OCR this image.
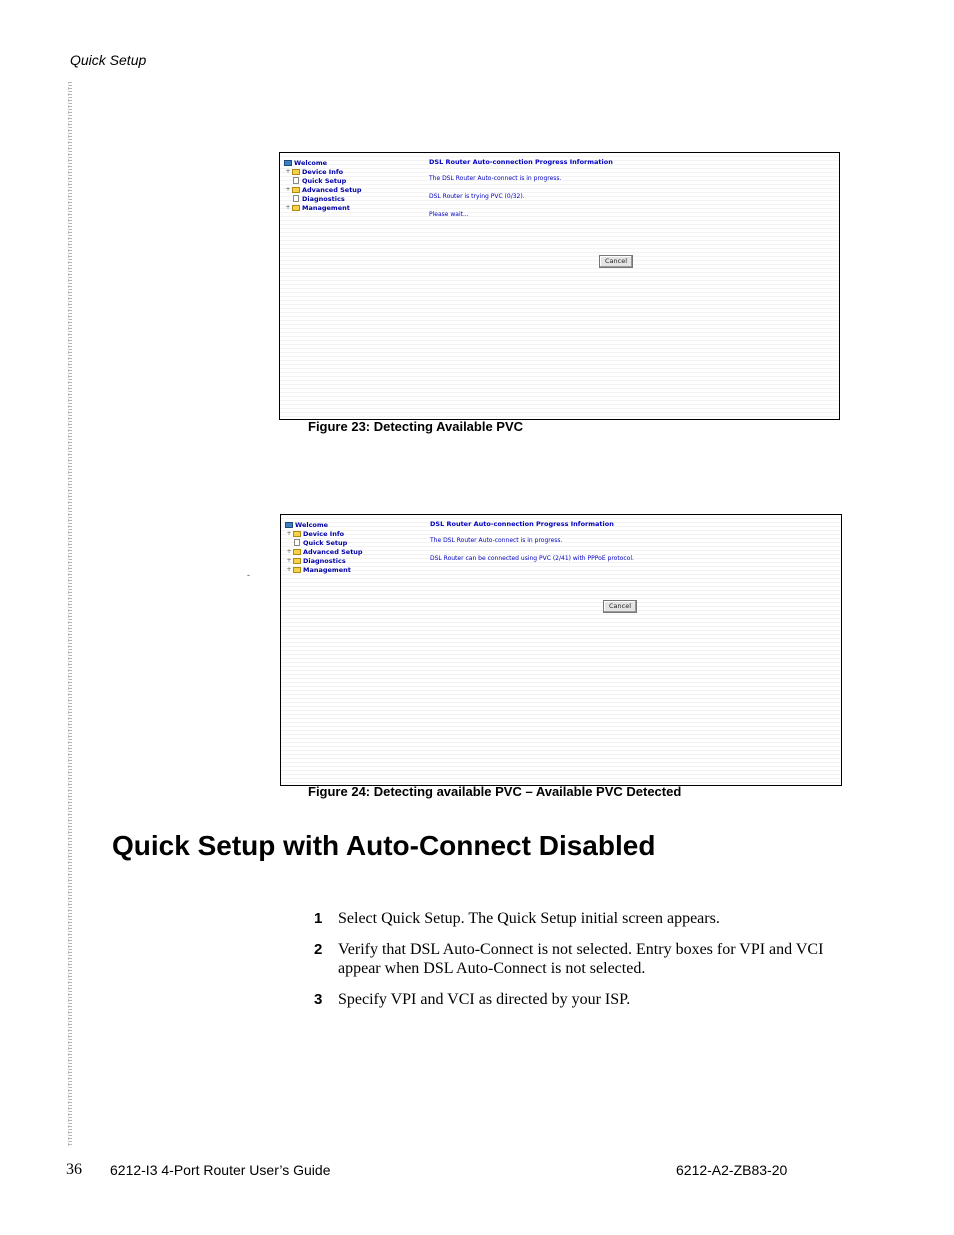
Quick Setup
Welcome
+ Device Info
Quick Setup
+ Advanced Setup
Diagnostics
+ Management
DSL Router Auto-connection Progress Information
The DSL Router Auto-connect is in progress.
DSL Router is trying PVC (0/32).
Please wait...
Cancel
Figure 23: Detecting Available PVC
-
Welcome
+ Device Info
Quick Setup
+ Advanced Setup
+ Diagnostics
+ Management
DSL Router Auto-connection Progress Information
The DSL Router Auto-connect is in progress.
DSL Router can be connected using PVC (2/41) with PPPoE protocol.
Cancel
Figure 24: Detecting available PVC – Available PVC Detected
Quick Setup with Auto-Connect Disabled
1 Select Quick Setup. The Quick Setup initial screen appears.
2 Verify that DSL Auto-Connect is not selected. Entry boxes for VPI and VCI appear when DSL Auto-Connect is not selected.
3 Specify VPI and VCI as directed by your ISP.
36 6212-I3 4-Port Router User’s Guide	6212-A2-ZB83-20
